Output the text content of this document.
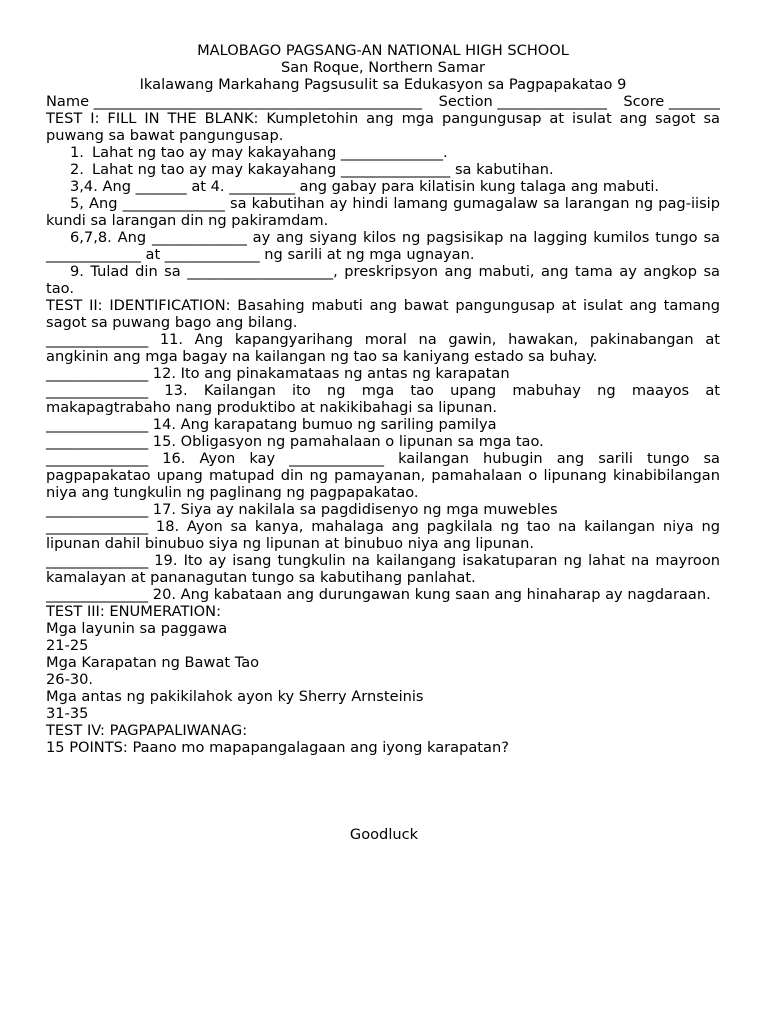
MALOBAGO PAGSANG-AN NATIONAL HIGH SCHOOL
San Roque, Northern Samar
Ikalawang Markahang Pagsusulit sa Edukasyon sa Pagpapakatao 9
Name _____________________________________________ Section _______________ Score _______
TEST I: FILL IN THE BLANK: Kumpletohin ang mga pangungusap at isulat ang sagot sa puwang sa bawat pangungusap.
1. Lahat ng tao ay may kakayahang ______________.
2. Lahat ng tao ay may kakayahang _______________ sa kabutihan.
3,4. Ang _______ at 4. _________ ang gabay para kilatisin kung talaga ang mabuti.
5, Ang ______________ sa kabutihan ay hindi lamang gumagalaw sa larangan ng pag-iisip kundi sa larangan din ng pakiramdam.
6,7,8. Ang _____________ ay ang siyang kilos ng pagsisikap na lagging kumilos tungo sa _____________ at _____________ ng sarili at ng mga ugnayan.
9. Tulad din sa ____________________, preskripsyon ang mabuti, ang tama ay angkop sa tao.
TEST II: IDENTIFICATION: Basahing mabuti ang bawat pangungusap at isulat ang tamang sagot sa puwang bago ang bilang.
______________ 11. Ang kapangyarihang moral na gawin, hawakan, pakinabangan at angkinin ang mga bagay na kailangan ng tao sa kaniyang estado sa buhay.
______________ 12. Ito ang pinakamataas ng antas ng karapatan
______________ 13. Kailangan ito ng mga tao upang mabuhay ng maayos at makapagtrabaho nang produktibo at nakikibahagi sa lipunan.
______________ 14. Ang karapatang bumuo ng sariling pamilya
______________ 15. Obligasyon ng pamahalaan o lipunan sa mga tao.
______________ 16. Ayon kay _____________ kailangan hubugin ang sarili tungo sa pagpapakatao upang matupad din ng pamayanan, pamahalaan o lipunang kinabibilangan niya ang tungkulin ng paglinang ng pagpapakatao.
______________ 17. Siya ay nakilala sa pagdidisenyo ng mga muwebles
______________ 18. Ayon sa kanya, mahalaga ang pagkilala ng tao na kailangan niya ng lipunan dahil binubuo siya ng lipunan at binubuo niya ang lipunan.
______________ 19. Ito ay isang tungkulin na kailangang isakatuparan ng lahat na mayroon kamalayan at pananagutan tungo sa kabutihang panlahat.
______________ 20. Ang kabataan ang durungawan kung saan ang hinaharap ay nagdaraan.
TEST III: ENUMERATION:
Mga layunin sa paggawa
21-25
Mga Karapatan ng Bawat Tao
26-30.
Mga antas ng pakikilahok ayon ky Sherry Arnsteinis
31-35
TEST IV: PAGPAPALIWANAG:
15 POINTS: Paano mo mapapangalagaan ang iyong karapatan?
Goodluck
